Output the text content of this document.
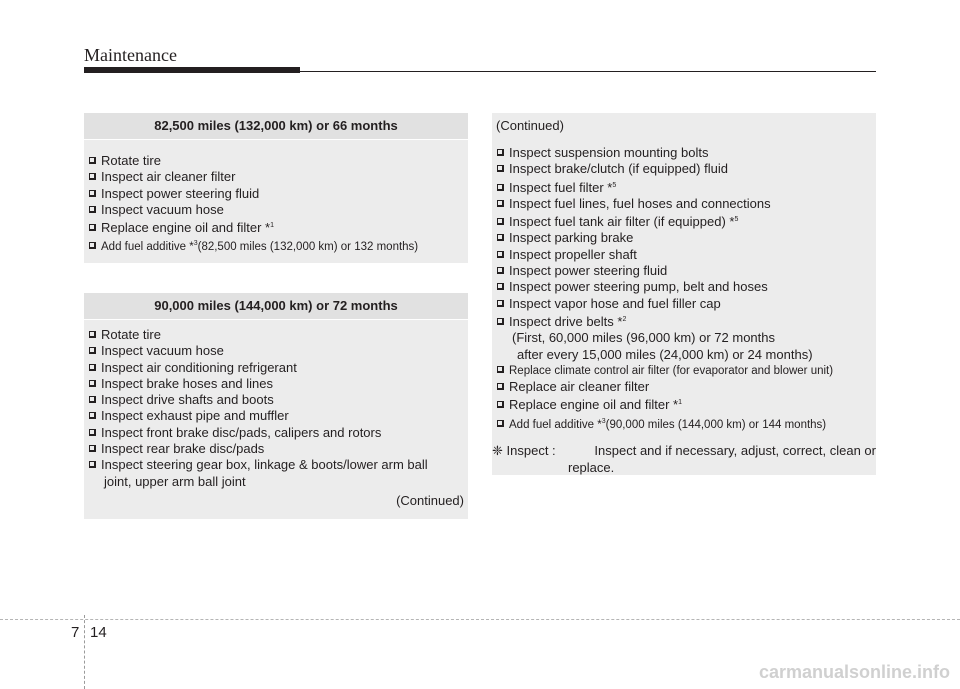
Maintenance
82,500 miles (132,000 km) or 66 months
Rotate tire
Inspect air cleaner filter
Inspect power steering fluid
Inspect vacuum hose
Replace engine oil and filter *$^1$
Add fuel additive *$^3$(82,500 miles (132,000 km) or 132 months)
90,000 miles (144,000 km) or 72 months
Rotate tire
Inspect vacuum hose
Inspect air conditioning refrigerant
Inspect brake hoses and lines
Inspect drive shafts and boots
Inspect exhaust pipe and muffler
Inspect front brake disc/pads, calipers and rotors
Inspect rear brake disc/pads
Inspect steering gear box, linkage & boots/lower arm ball
joint, upper arm ball joint
(Continued)
(Continued)
Inspect suspension mounting bolts
Inspect brake/clutch (if equipped) fluid
Inspect fuel filter *$^5$
Inspect fuel lines, fuel hoses and connections
Inspect fuel tank air filter (if equipped) *$^5$
Inspect parking brake
Inspect propeller shaft
Inspect power steering fluid
Inspect power steering pump, belt and hoses
Inspect vapor hose and fuel filler cap
Inspect drive belts *$^2$
(First, 60,000 miles (96,000 km) or 72 months
after every 15,000 miles (24,000 km) or 24 months)
Replace climate control air filter (for evaporator and blower unit)
Replace air cleaner filter
Replace engine oil and filter *$^1$
Add fuel additive *$^3$(90,000 miles (144,000 km) or 144 months)
❈ Inspect :	Inspect and if necessary, adjust, correct, clean or
replace.
7 14
carmanualsonline.info
